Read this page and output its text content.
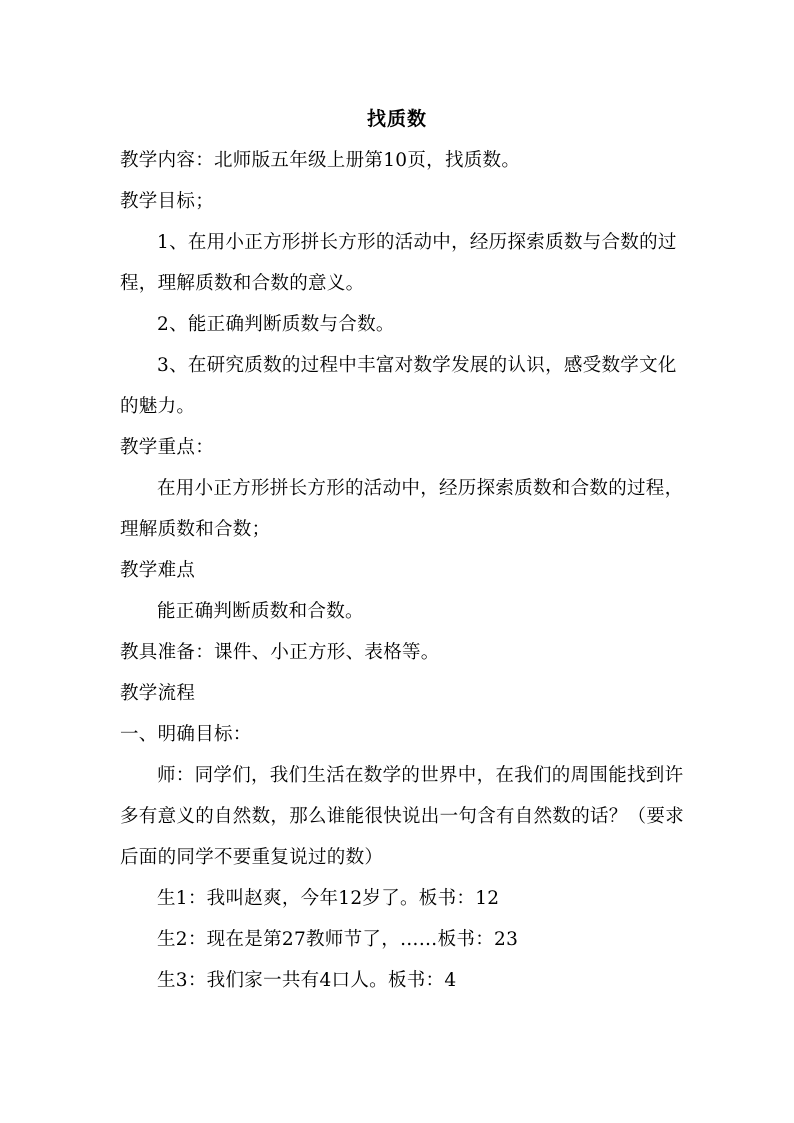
找质数
教学内容：北师版五年级上册第10页，找质数。
教学目标；
1、在用小正方形拼长方形的活动中，经历探索质数与合数的过
程，理解质数和合数的意义。
2、能正确判断质数与合数。
3、在研究质数的过程中丰富对数学发展的认识，感受数学文化
的魅力。
教学重点：
在用小正方形拼长方形的活动中，经历探索质数和合数的过程，
理解质数和合数；
教学难点
能正确判断质数和合数。
教具准备：课件、小正方形、表格等。
教学流程
一、明确目标：
师：同学们，我们生活在数学的世界中，在我们的周围能找到许
多有意义的自然数，那么谁能很快说出一句含有自然数的话？（要求
后面的同学不要重复说过的数）
生1：我叫赵爽，今年12岁了。板书：12
生2：现在是第27教师节了，……板书：23
生3：我们家一共有4口人。板书：4
